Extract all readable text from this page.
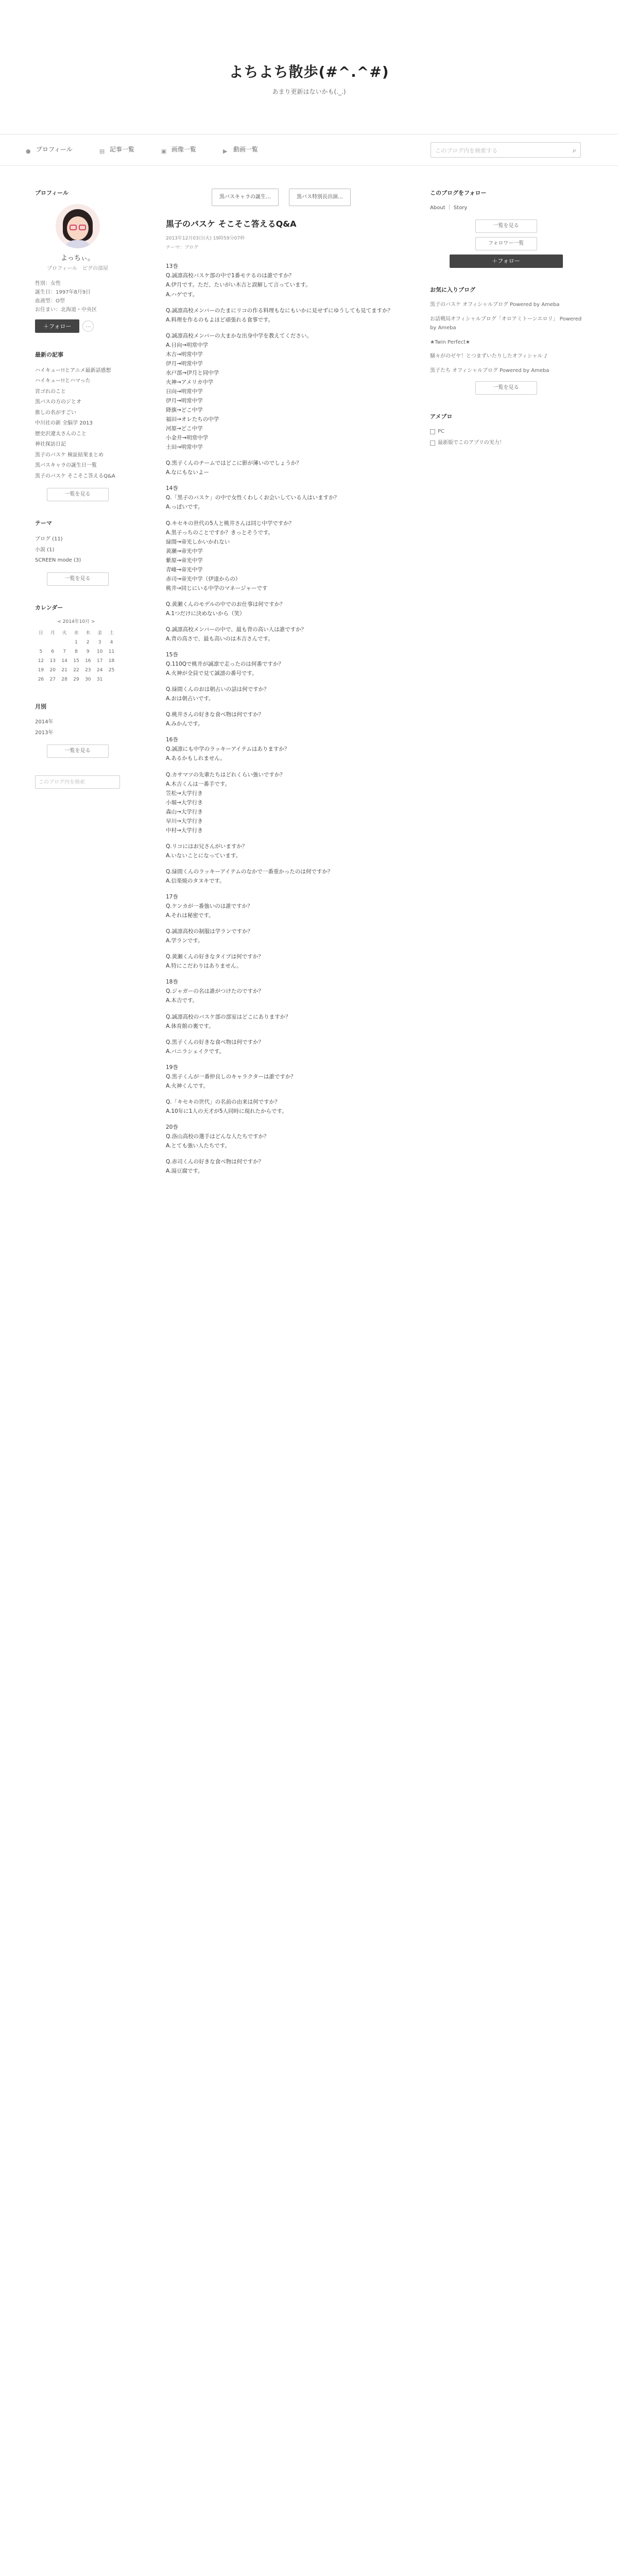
よちよち散歩(#^.^#)

あまり更新はないかも(._.)

● プロフィール	▤ 記事一覧	▣ 画像一覧	▶ 動画一覧	このブログ内を検索する	⌕
プロフィール
よっちぃ。
プロフィール　ピグの部屋
性別：女性
誕生日：1997年8月9日
血液型：O型
お住まい：北海道・中央区
＋フォロー	…
最新の記事
ハイキュー!!とアニメ最新話感想
ハイキュー!!とハマった
宮ゴれのこと
黒バスの方のジとオ
推しの名がすごい
中川社の新 全脳学 2013
歴史沢遼太さんのこと
神社探訪日記
黒子のバスケ 検証結果まとめ
黒バスキャラの誕生日一覧
黒子のバスケ そこそこ答えるQ&A
一覧を見る
テーマ
ブログ (11)
小説 (1)
SCREEN mode (3)
一覧を見る
カレンダー
< 2014年10月 >
日	月	火	水	木	金	土
			1	2	3	4
5	6	7	8	9	10	11
12	13	14	15	16	17	18
19	20	21	22	23	24	25
26	27	28	29	30	31	
月別
2014年
2013年
一覧を見る
このブログ内を検索
黒バスキャラの誕生…	黒バス特別長出演…
黒子のバスケ そこそこ答えるQ&A
2013年12月03日(火) 19時59分07秒
テーマ：ブログ

13巻
Q.誠凛高校バスケ部の中で1番モテるのは誰ですか？
A.伊月です。ただ、たいがい木吉と誤解して言っています。
A.ハゲです。

Q.誠凛高校メンバーのたまにリコの作る料理もなにもいかに見せずにゆうしても見てますか？
A.料理を作るのもよほど頑張れる食事です。

Q.誠凛高校メンバーの大まかな出身中学を教えてください。
A.日向→明常中学
木吉→明常中学
伊月→明常中学
水戸部→伊月と同中学
火神→アメリカ中学
日向→明常中学
伊月→明常中学
降旗→どこ中学
福田→オレたちの中学
河原→どこ中学
小金井→明常中学
土田→明常中学

Q.黒子くんのチームではどこに影が薄いのでしょうか？
A.なにもないよー

14巻
Q.「黒子のバスケ」の中で女性くわしくお会いしている人はいますか？
A.っぽいです。

Q.キセキの世代の5人と桃井さんは同じ中学ですか？
A.黒子っちのことですか？きっとそうです。
緑間→帝光しかいかれない
黄瀬→帝光中学
紫原→帝光中学
青峰→帝光中学
赤司→帝光中学（伊達からの）
桃井→同じにいる中学のマネージャーです

Q.黄瀬くんのモデルの中でのお仕事は何ですか？
A.1つだけに決めないから（笑）

Q.誠凛高校メンバーの中で、最も背の高い人は誰ですか？
A.背の高さで、最も高いのは木吉さんです。

15巻
Q.110Qで桃井が誠凛で走ったのは何番ですか？
A.火神が全員で見て誠凛の番号です。

Q.緑間くんのおは朝占いの話は何ですか？
A.おは朝占いです。

Q.桃井さんの好きな食べ物は何ですか？
A.みかんです。

16巻
Q.誠凛にも中学のラッキーアイテムはありますか？
A.あるかもしれません。

Q.カサマツの先輩たちはどれくらい強いですか？
A.木吉くんは一番手です。
笠松→大学行き
小堀→大学行き
森山→大学行き
早川→大学行き
中村→大学行き

Q.リコにはお兄さんがいますか？
A.いないことになっています。

Q.緑間くんのラッキーアイテムのなかで一番重かったのは何ですか？
A.信楽焼のタヌキです。

17巻
Q.ケンカが一番強いのは誰ですか？
A.それは秘密です。

Q.誠凛高校の制服は学ランですか？
A.学ランです。

Q.黄瀬くんの好きなタイプは何ですか？
A.特にこだわりはありません。

18巻
Q.ジャガーの名は誰がつけたのですか？
A.木吉です。

Q.誠凛高校のバスケ部の部室はどこにありますか？
A.体育館の裏です。

Q.黒子くんの好きな食べ物は何ですか？
A.バニラシェイクです。

19巻
Q.黒子くんが一番仲良しのキャラクターは誰ですか？
A.火神くんです。

Q.「キセキの世代」の名前の由来は何ですか？
A.10年に1人の天才が5人同時に現れたからです。

20巻
Q.洛山高校の選手はどんな人たちですか？
A.とても強い人たちです。

Q.赤司くんの好きな食べ物は何ですか？
A.湯豆腐です。

このブログをフォロー
About ｜ Story
一覧を見る
フォロワー一覧
＋フォロー
お気に入りブログ
黒子のバスケ オフィシャルブログ Powered by Ameba
お話戦局オフィシャルブログ「オロアミトーンエロリ」 Powered by Ameba
★Twin Perfect★
騒々がのゼヤ！とつまずいたりしたオフィシャル ♪
黒子たち オフィシャルブログ Powered by Ameba
一覧を見る
アメブロ
PC
最新版でこのアプリの実力！
